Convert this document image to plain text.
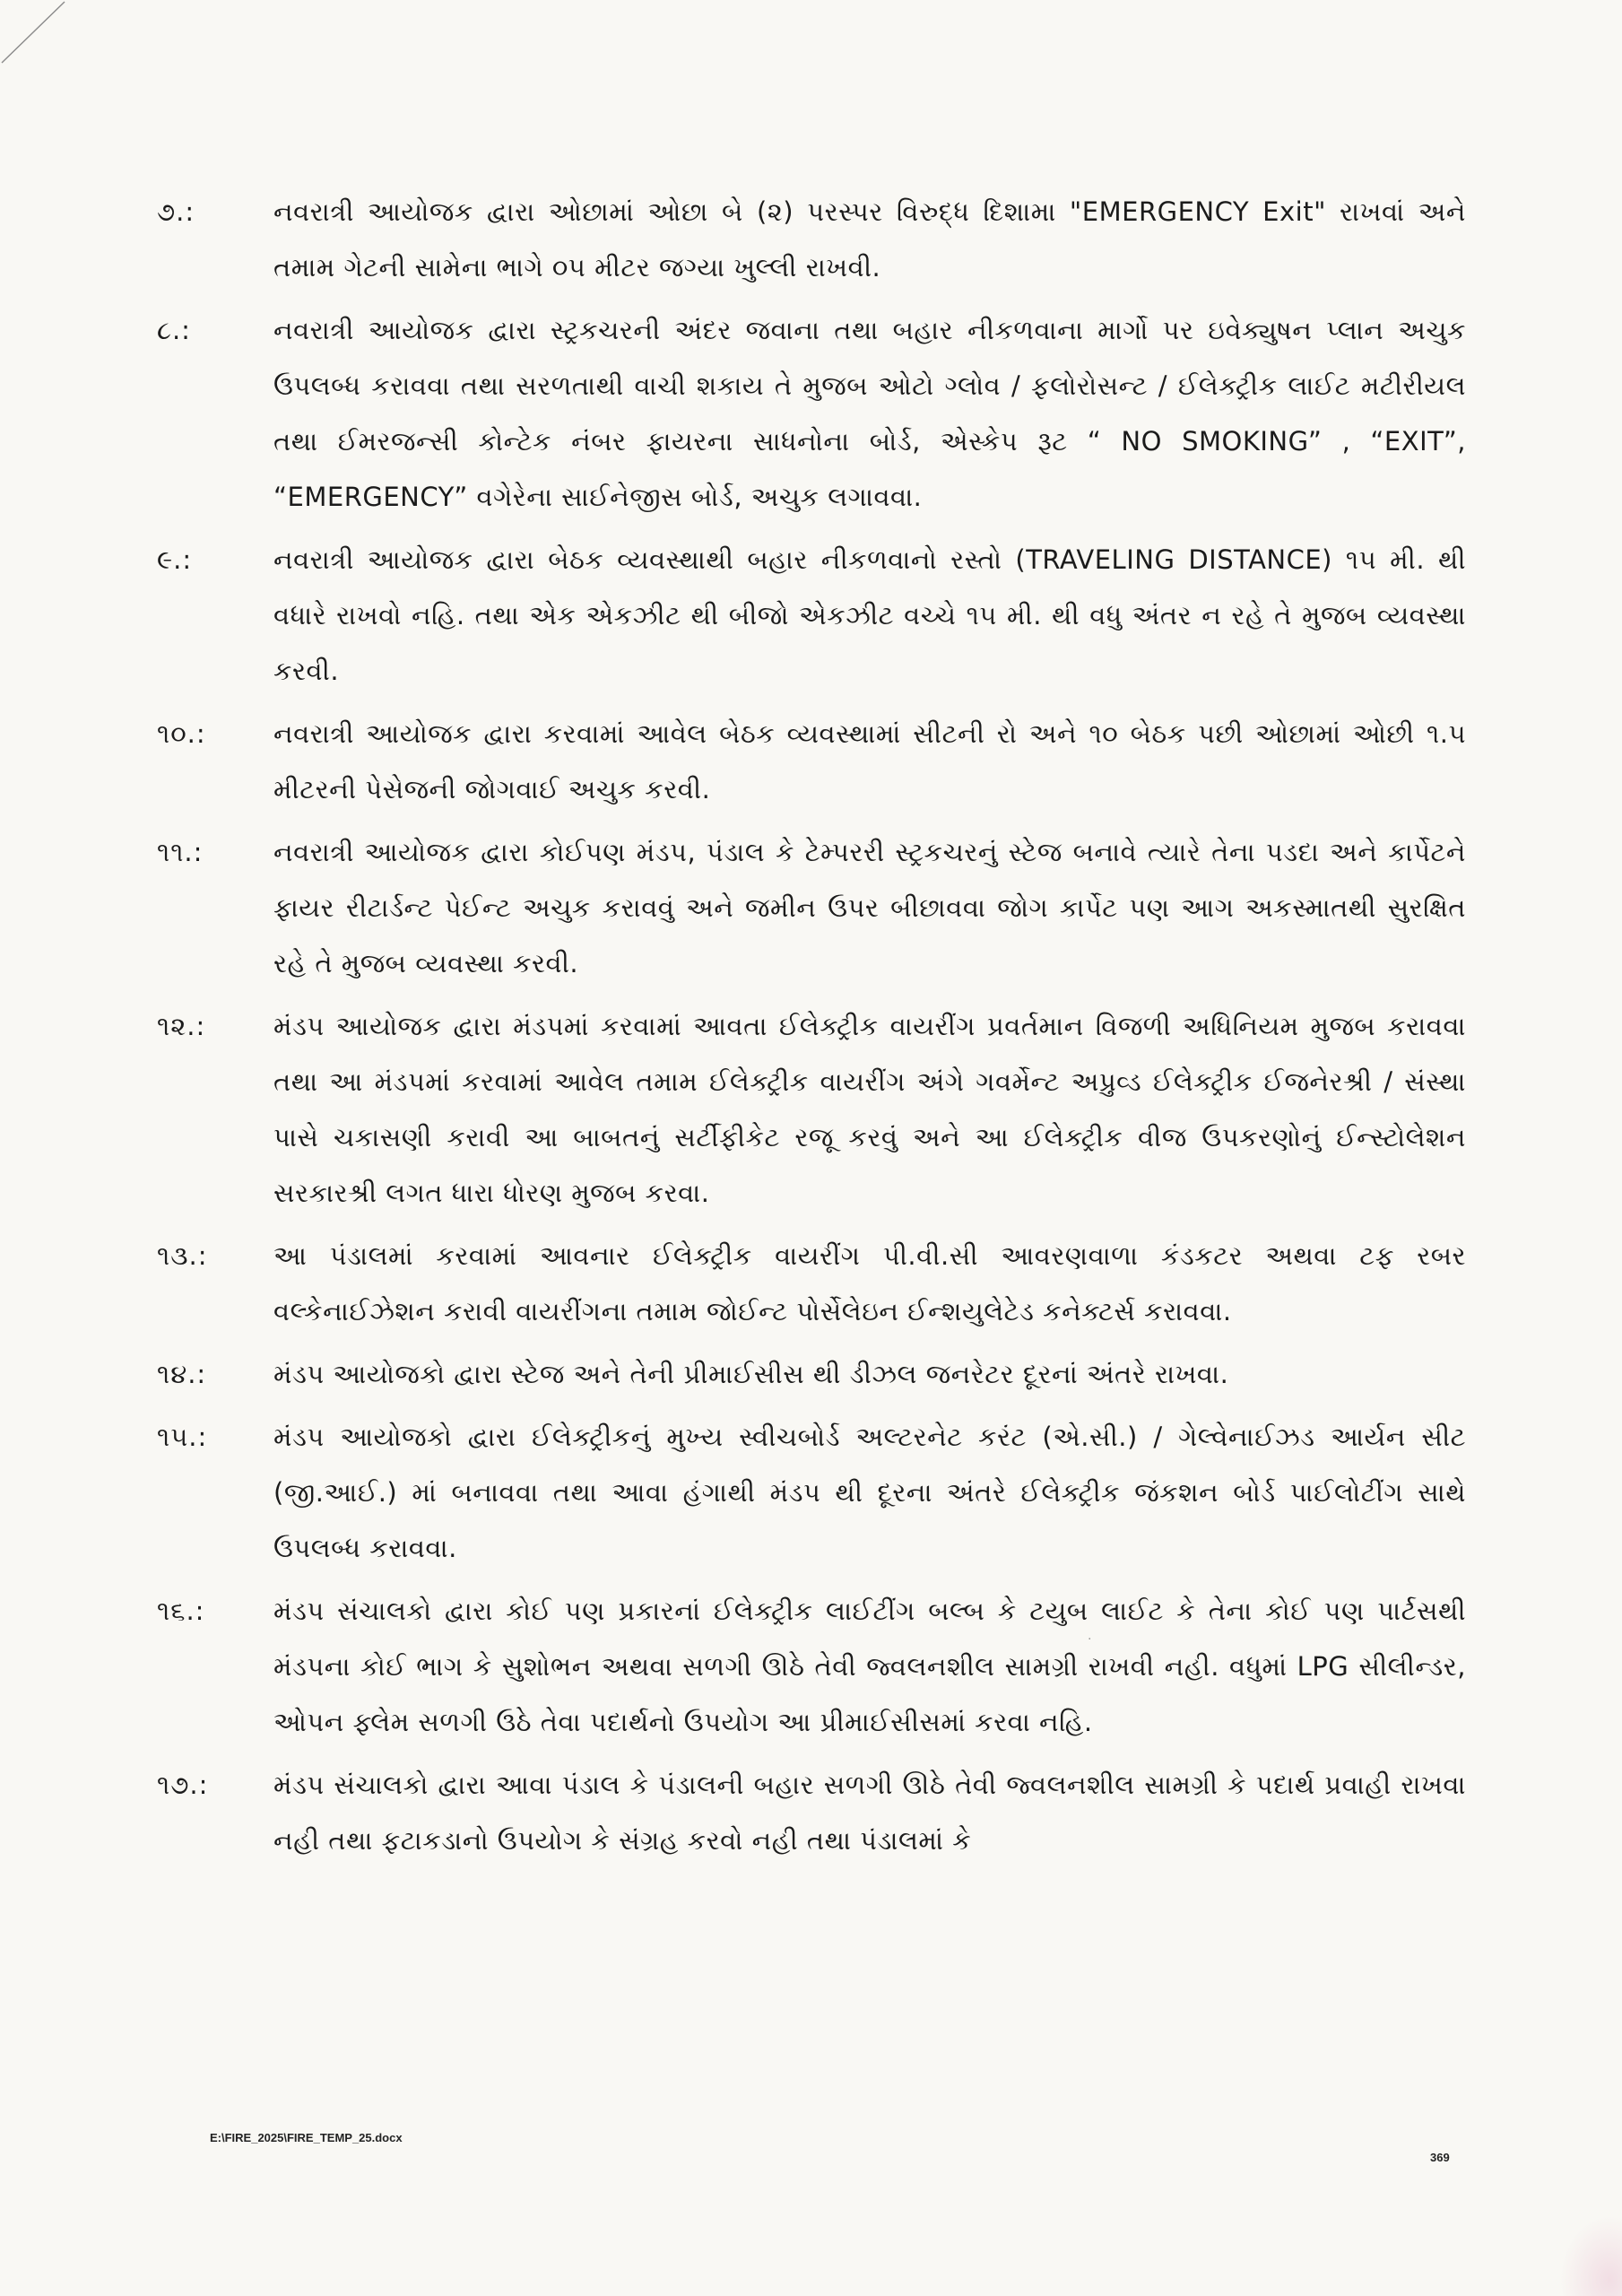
૭.:	નવરાત્રી આયોજક દ્વારા ઓછામાં ઓછા બે (૨) પરસ્પર વિરુદ્ધ દિશામા "EMERGENCY Exit" રાખવાં અને તમામ ગેટની સામેના ભાગે ૦૫ મીટર જગ્યા ખુલ્લી રાખવી.
૮.:	નવરાત્રી આયોજક દ્વારા સ્ટ્રકચરની અંદર જવાના તથા બહાર નીકળવાના માર્ગો પર ઇવેક્યુષન પ્લાન અચુક ઉપલબ્ધ કરાવવા તથા સરળતાથી વાચી શકાય તે મુજબ ઓટો ગ્લોવ / ફલોરોસન્ટ / ઈલેક્ટ્રીક લાઈટ મટીરીયલ તથા ઈમરજન્સી કોન્ટેક નંબર ફાયરના સાધનોના બોર્ડ, એસ્કેપ રૂટ “ NO SMOKING” , “EXIT”, “EMERGENCY” વગેરેના સાઈનેજીસ બોર્ડ, અચુક લગાવવા.
૯.:	નવરાત્રી આયોજક દ્વારા બેઠક વ્યવસ્થાથી બહાર નીકળવાનો રસ્તો (TRAVELING DISTANCE) ૧૫ મી. થી વધારે રાખવો નહિ. તથા એક એકઝીટ થી બીજો એકઝીટ વચ્ચે ૧૫ મી. થી વધુ અંતર ન રહે તે મુજબ વ્યવસ્થા કરવી.
૧૦.:	નવરાત્રી આયોજક દ્વારા કરવામાં આવેલ બેઠક વ્યવસ્થામાં સીટની રો અને ૧૦ બેઠક પછી ઓછામાં ઓછી ૧.૫ મીટરની પેસેજની જોગવાઈ અચુક કરવી.
૧૧.:	નવરાત્રી આયોજક દ્વારા કોઈપણ મંડપ, પંડાલ કે ટેમ્પરરી સ્ટ્રકચરનું સ્ટેજ બનાવે ત્યારે તેના પડદા અને કાર્પેટને ફાયર રીટાર્ડન્ટ પેઈન્ટ અચુક કરાવવું અને જમીન ઉપર બીછાવવા જોગ કાર્પેટ પણ આગ અકસ્માતથી સુરક્ષિત રહે તે મુજબ વ્યવસ્થા કરવી.
૧૨.:	મંડપ આયોજક દ્વારા મંડપમાં કરવામાં આવતા ઈલેક્ટ્રીક વાયરીંગ પ્રવર્તમાન વિજળી અધિનિયમ મુજબ કરાવવા તથા આ મંડપમાં કરવામાં આવેલ તમામ ઈલેક્ટ્રીક વાયરીંગ અંગે ગવર્મેન્ટ અપ્રુવ્ડ ઈલેક્ટ્રીક ઈજનેરશ્રી / સંસ્થા પાસે ચકાસણી કરાવી આ બાબતનું સર્ટીફીકેટ રજૂ કરવું અને આ ઈલેક્ટ્રીક વીજ ઉપકરણોનું ઈન્સ્ટોલેશન સરકારશ્રી લગત ધારા ધોરણ મુજબ કરવા.
૧૩.:	આ પંડાલમાં કરવામાં આવનાર ઈલેક્ટ્રીક વાયરીંગ પી.વી.સી આવરણવાળા કંડકટર અથવા ટફ રબર વલ્કેનાઈઝેશન કરાવી વાયરીંગના તમામ જોઈન્ટ પોર્સેલેઇન ઈન્શયુલેટેડ કનેક્ટર્સ કરાવવા.
૧૪.:	મંડપ આયોજકો દ્વારા સ્ટેજ અને તેની પ્રીમાઈસીસ થી ડીઝલ જનરેટર દૂરનાં અંતરે રાખવા.
૧૫.:	મંડપ આયોજકો દ્વારા ઈલેક્ટ્રીકનું મુખ્ય સ્વીચબોર્ડ અલ્ટરનેટ કરંટ (એ.સી.) / ગેલ્વેનાઈઝડ આર્યન સીટ (જી.આઈ.) માં બનાવવા તથા આવા હંગાથી મંડપ થી દૂરના અંતરે ઈલેક્ટ્રીક જંકશન બોર્ડ પાઈલોટીંગ સાથે ઉપલબ્ધ કરાવવા.
૧૬.:	મંડપ સંચાલકો દ્વારા કોઈ પણ પ્રકારનાં ઈલેક્ટ્રીક લાઈટીંગ બલ્બ કે ટયુબ લાઈટ કે તેના કોઈ પણ પાર્ટસથી મંડપના કોઈ ભાગ કે સુશોભન અથવા સળગી ઊઠે તેવી જ્વલનશીલ સામગ્રી રાખવી નહી. વધુમાં LPG સીલીન્ડર, ઓપન ફ્લેમ સળગી ઉઠે તેવા પદાર્થનો ઉપયોગ આ પ્રીમાઈસીસમાં કરવા નહિ.
૧૭.:	મંડપ સંચાલકો દ્વારા આવા પંડાલ કે પંડાલની બહાર સળગી ઊઠે તેવી જ્વલનશીલ સામગ્રી કે પદાર્થ પ્રવાહી રાખવા નહી તથા ફટાકડાનો ઉપયોગ કે સંગ્રહ કરવો નહી તથા પંડાલમાં કે
·
E:\FIRE_2025\FIRE_TEMP_25.docx
369
